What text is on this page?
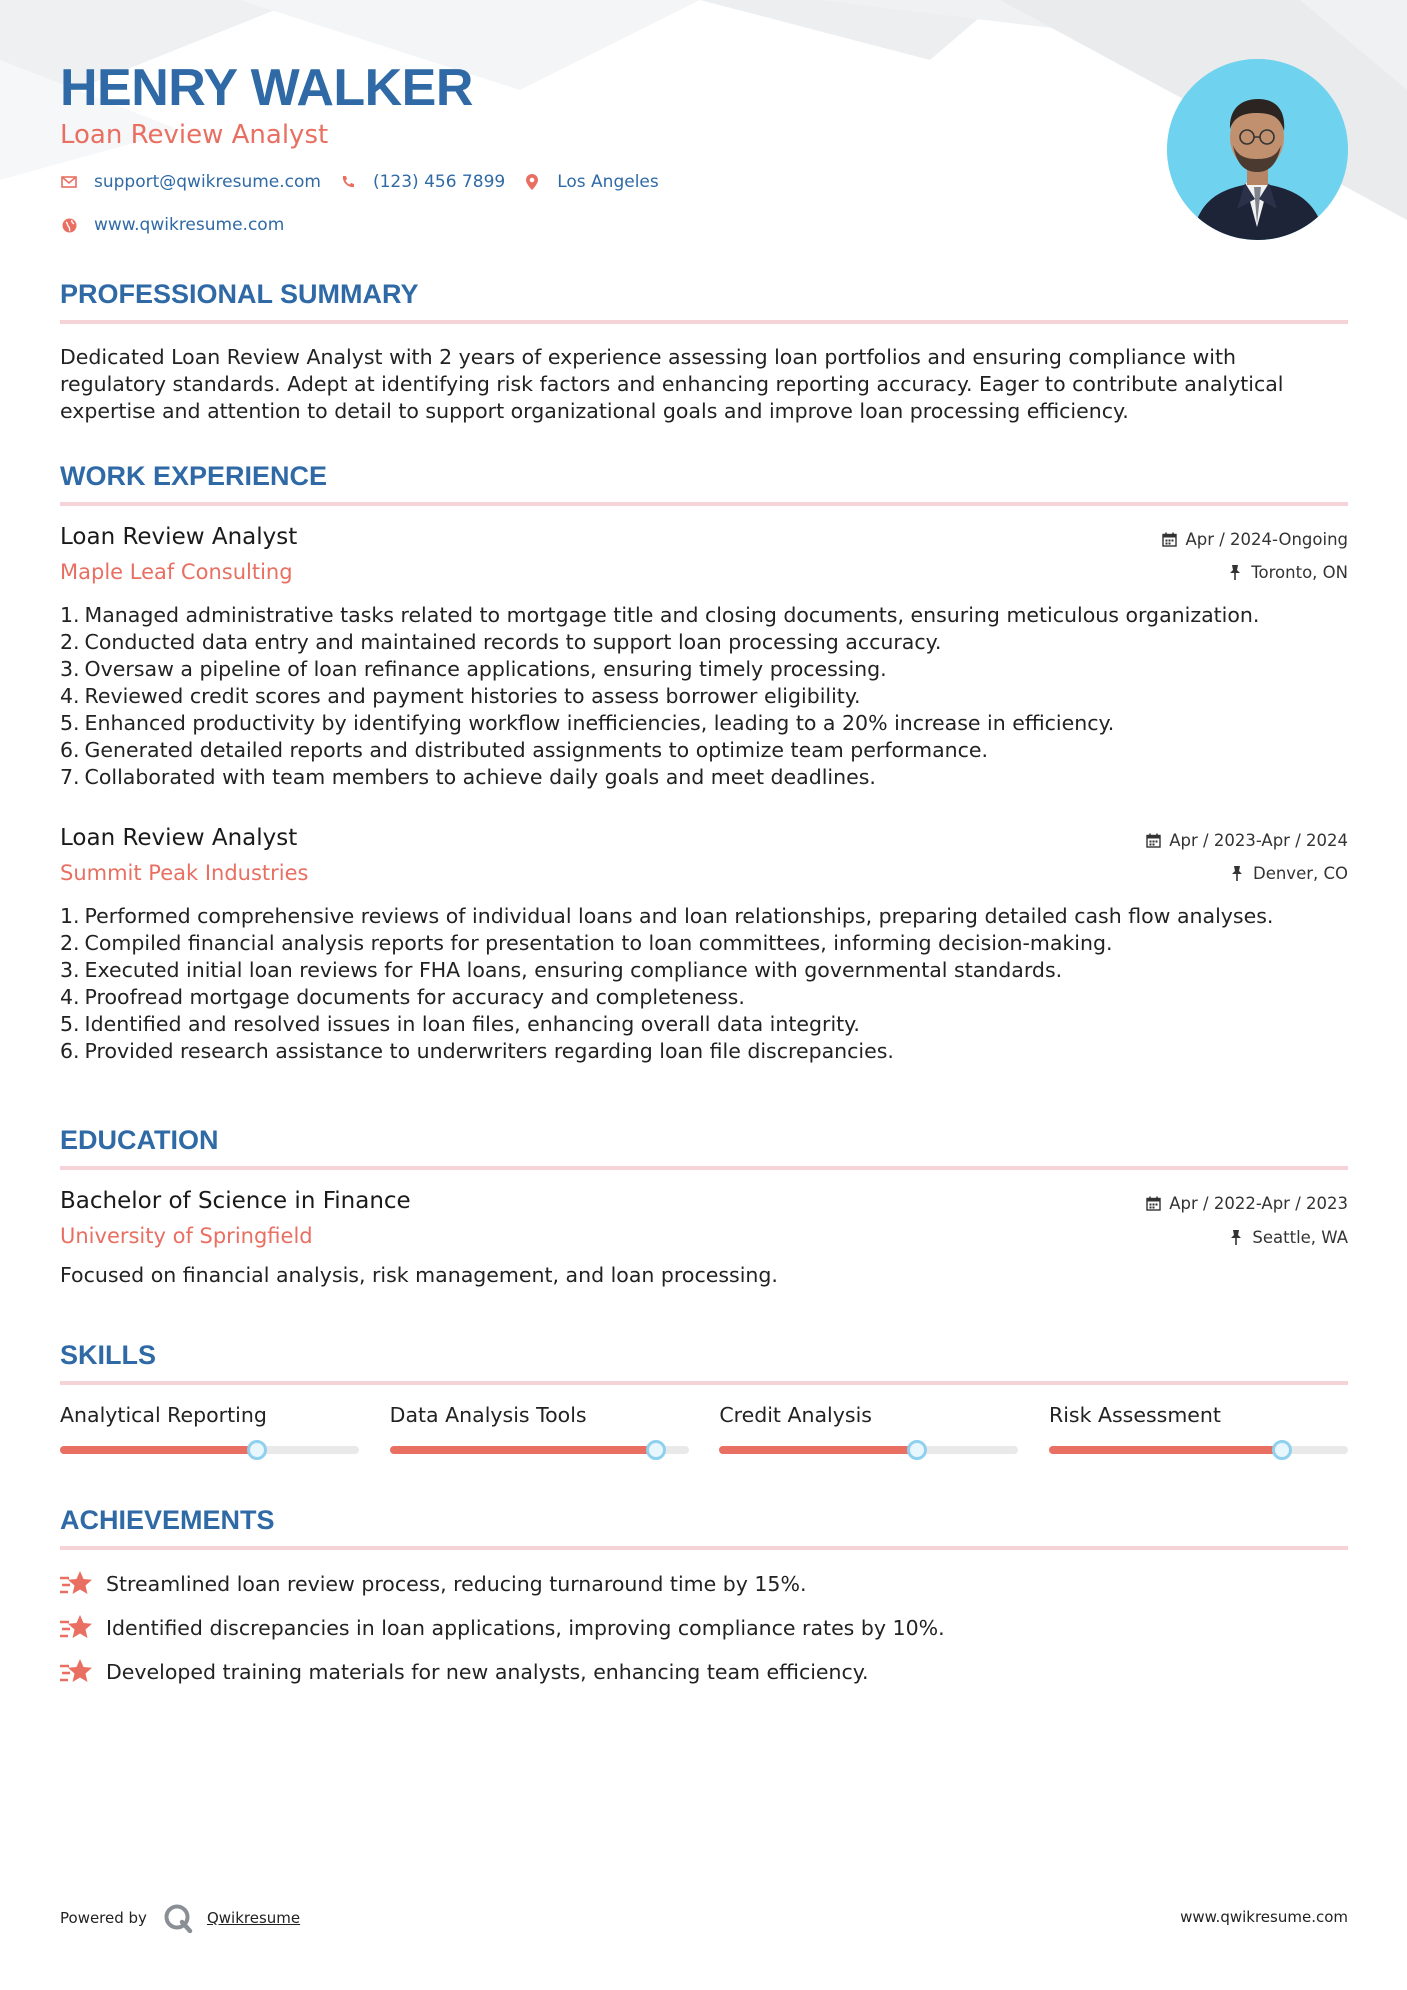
HENRY WALKER
Loan Review Analyst
support@qwikresume.com	(123) 456 7899	Los Angeles
www.qwikresume.com
PROFESSIONAL SUMMARY
Dedicated Loan Review Analyst with 2 years of experience assessing loan portfolios and ensuring compliance with regulatory standards. Adept at identifying risk factors and enhancing reporting accuracy. Eager to contribute analytical expertise and attention to detail to support organizational goals and improve loan processing efficiency.
WORK EXPERIENCE
Loan Review Analyst
Maple Leaf Consulting
Apr / 2024-Ongoing
Toronto, ON
1. Managed administrative tasks related to mortgage title and closing documents, ensuring meticulous organization.
2. Conducted data entry and maintained records to support loan processing accuracy.
3. Oversaw a pipeline of loan refinance applications, ensuring timely processing.
4. Reviewed credit scores and payment histories to assess borrower eligibility.
5. Enhanced productivity by identifying workflow inefficiencies, leading to a 20% increase in efficiency.
6. Generated detailed reports and distributed assignments to optimize team performance.
7. Collaborated with team members to achieve daily goals and meet deadlines.
Loan Review Analyst
Summit Peak Industries
Apr / 2023-Apr / 2024
Denver, CO
1. Performed comprehensive reviews of individual loans and loan relationships, preparing detailed cash flow analyses.
2. Compiled financial analysis reports for presentation to loan committees, informing decision-making.
3. Executed initial loan reviews for FHA loans, ensuring compliance with governmental standards.
4. Proofread mortgage documents for accuracy and completeness.
5. Identified and resolved issues in loan files, enhancing overall data integrity.
6. Provided research assistance to underwriters regarding loan file discrepancies.
EDUCATION
Bachelor of Science in Finance
University of Springfield
Apr / 2022-Apr / 2023
Seattle, WA
Focused on financial analysis, risk management, and loan processing.
SKILLS
Analytical Reporting	Data Analysis Tools	Credit Analysis	Risk Assessment
ACHIEVEMENTS
Streamlined loan review process, reducing turnaround time by 15%.
Identified discrepancies in loan applications, improving compliance rates by 10%.
Developed training materials for new analysts, enhancing team efficiency.
Powered by	Qwikresume	www.qwikresume.com
